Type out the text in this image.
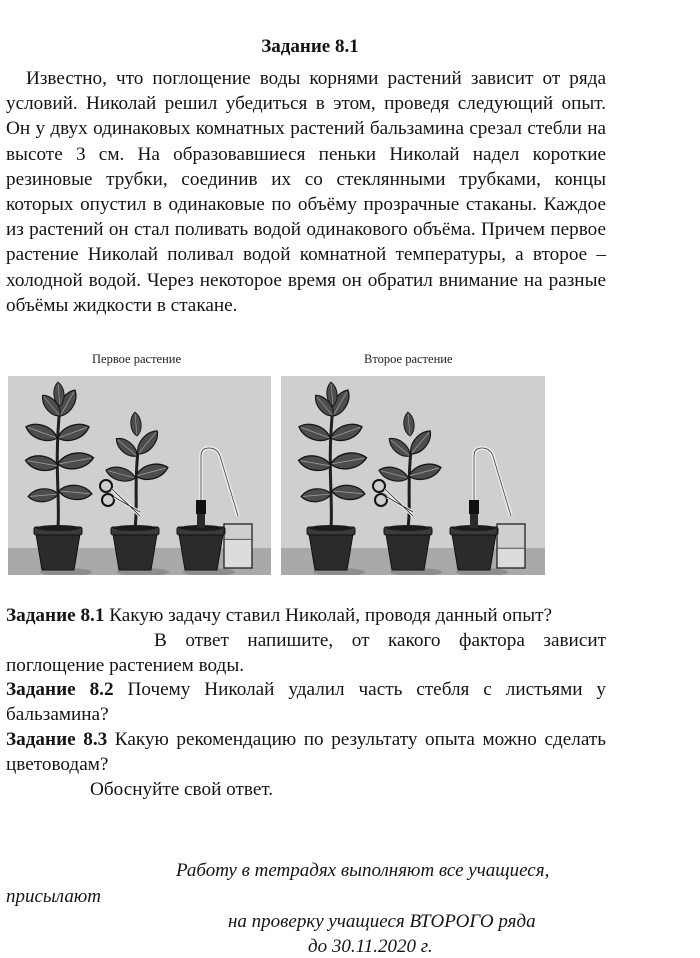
Задание 8.1

Известно, что поглощение воды корнями растений зависит от ряда условий. Николай решил убедиться в этом, проведя следующий опыт. Он у двух одинаковых комнатных растений бальзамина срезал стебли на высоте 3 см. На образовавшиеся пеньки Николай надел короткие резиновые трубки, соединив их со стеклянными трубками, концы которых опустил в одинаковые по объёму прозрачные стаканы. Каждое из растений он стал поливать водой одинакового объёма. Причем первое растение Николай поливал водой комнатной температуры, а второе – холодной водой. Через некоторое время он обратил внимание на разные объёмы жидкости в стакане.

Первое растение	Второе растение

Задание 8.1 Какую задачу ставил Николай, проводя данный опыт?

В ответ напишите, от какого фактора зависит поглощение растением воды.

Задание 8.2 Почему Николай удалил часть стебля с листьями у бальзамина?

Задание 8.3 Какую рекомендацию по результату опыта можно сделать цветоводам?

Обоснуйте свой ответ.

Работу в тетрадях выполняют все учащиеся,
присылают
на проверку учащиеся ВТОРОГО ряда
до 30.11.2020 г.
